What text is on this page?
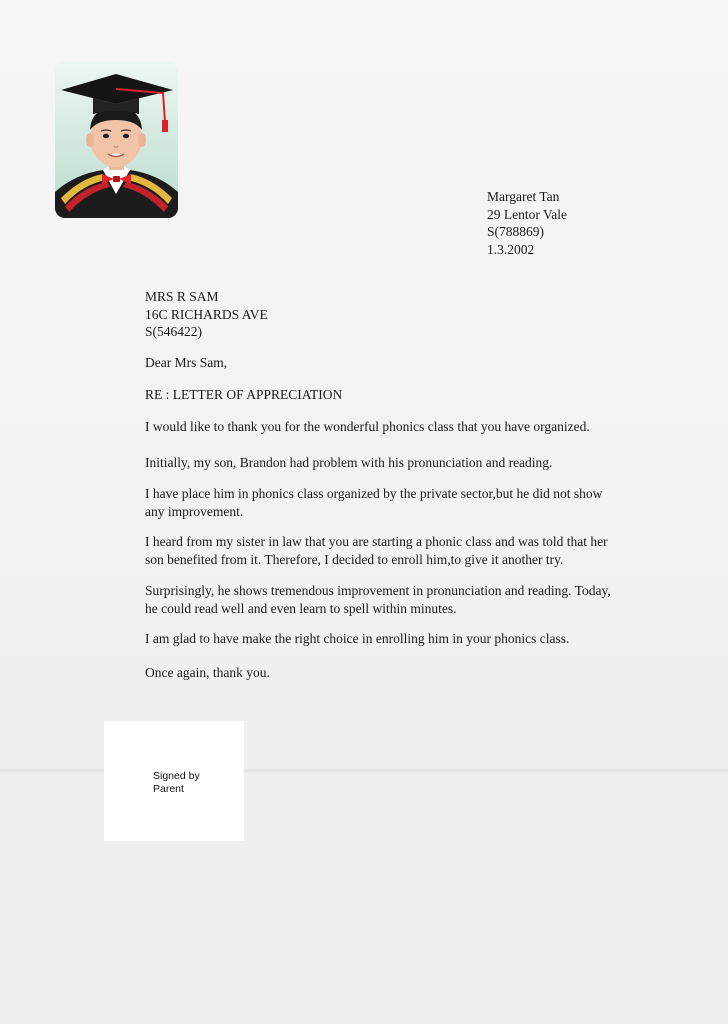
Margaret Tan
29 Lentor Vale
S(788869)
1.3.2002
MRS R SAM
16C RICHARDS AVE
S(546422)
Dear Mrs Sam,
RE : LETTER OF APPRECIATION
I would like to thank you for the wonderful phonics class that you have organized.
Initially, my son, Brandon had problem with his pronunciation and reading.
I have place him in phonics class organized by the private sector,but he did not show any improvement.
I heard from my sister in law that you are starting a phonic class and was told that her son benefited from it. Therefore, I decided to enroll him,to give it another try.
Surprisingly, he shows tremendous improvement in pronunciation and reading. Today, he could read well and even learn to spell within minutes.
I am glad to have make the right choice in enrolling him in your phonics class.
Once again, thank you.
Signed by Parent
